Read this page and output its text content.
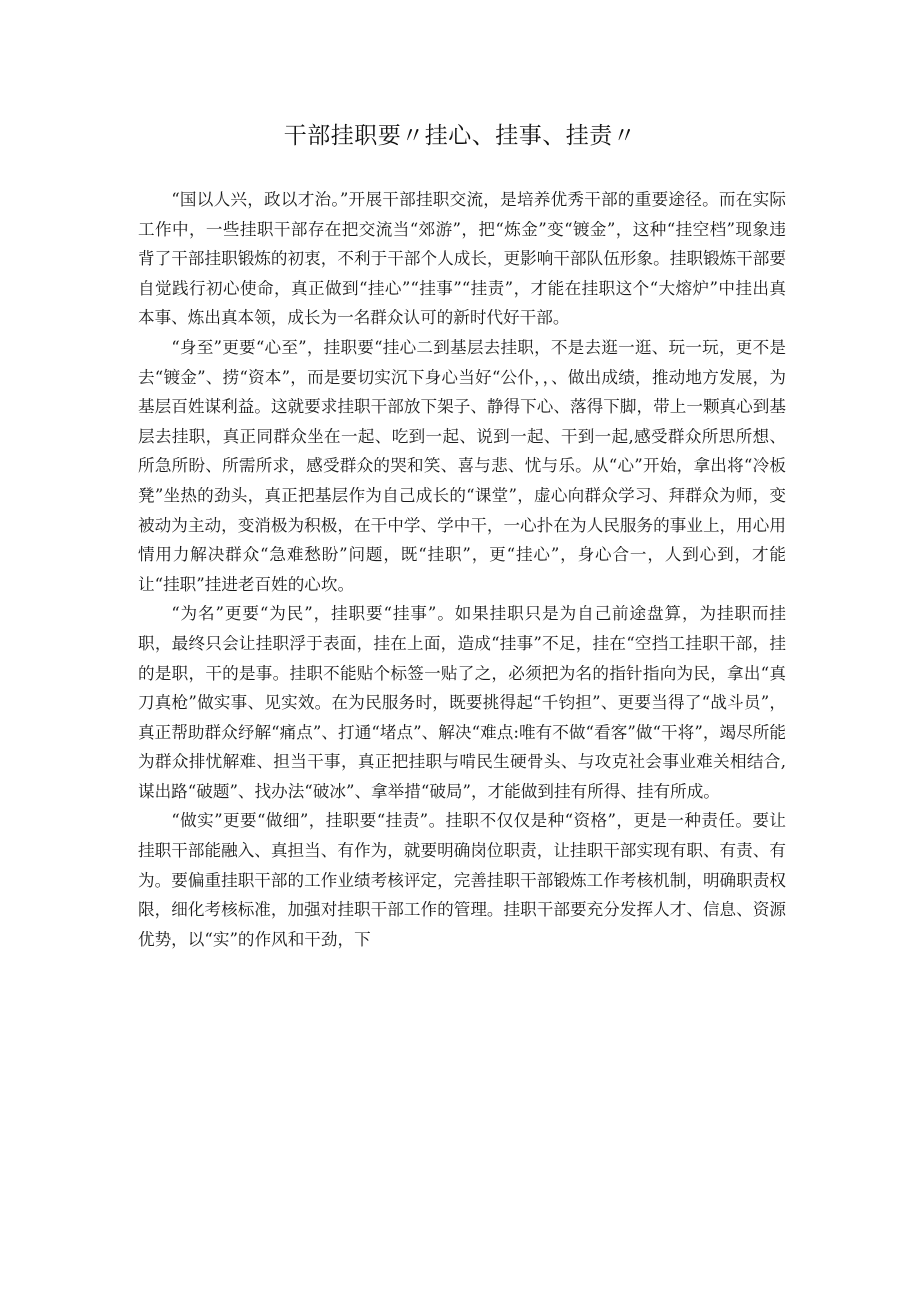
干部挂职要〃挂心、挂事、挂责〃

“国以人兴，政以才治。”开展干部挂职交流，是培养优秀干部的重要途径。而在实际工作中，一些挂职干部存在把交流当“郊游”，把“炼金”变“镀金”，这种“挂空档”现象违背了干部挂职锻炼的初衷，不利于干部个人成长，更影响干部队伍形象。挂职锻炼干部要自觉践行初心使命，真正做到“挂心”“挂事”“挂责”，才能在挂职这个“大熔炉”中挂出真本事、炼出真本领，成长为一名群众认可的新时代好干部。

“身至”更要“心至”，挂职要“挂心二到基层去挂职，不是去逛一逛、玩一玩，更不是去“镀金”、捞“资本”，而是要切实沉下身心当好“公仆，，、做出成绩，推动地方发展，为基层百姓谋利益。这就要求挂职干部放下架子、静得下心、落得下脚，带上一颗真心到基层去挂职，真正同群众坐在一起、吃到一起、说到一起、干到一起,感受群众所思所想、所急所盼、所需所求，感受群众的哭和笑、喜与悲、忧与乐。从“心”开始，拿出将“冷板凳”坐热的劲头，真正把基层作为自己成长的“课堂”，虚心向群众学习、拜群众为师，变被动为主动，变消极为积极，在干中学、学中干，一心扑在为人民服务的事业上，用心用情用力解决群众“急难愁盼”问题，既“挂职”，更“挂心”，身心合一，人到心到，才能让“挂职”挂进老百姓的心坎。

“为名”更要“为民”，挂职要“挂事”。如果挂职只是为自己前途盘算，为挂职而挂职，最终只会让挂职浮于表面，挂在上面，造成“挂事”不足，挂在“空挡工挂职干部，挂的是职，干的是事。挂职不能贴个标签一贴了之，必须把为名的指针指向为民，拿出“真刀真枪”做实事、见实效。在为民服务时，既要挑得起“千钧担”、更要当得了“战斗员”，真正帮助群众纾解“痛点”、打通“堵点”、解决“难点:唯有不做“看客”做“干将”，竭尽所能为群众排忧解难、担当干事，真正把挂职与啃民生硬骨头、与攻克社会事业难关相结合,谋出路“破题”、找办法“破冰”、拿举措“破局”，才能做到挂有所得、挂有所成。

“做实”更要“做细”，挂职要“挂责”。挂职不仅仅是种“资格”，更是一种责任。要让挂职干部能融入、真担当、有作为，就要明确岗位职责，让挂职干部实现有职、有责、有为。要偏重挂职干部的工作业绩考核评定，完善挂职干部锻炼工作考核机制，明确职责权限，细化考核标准，加强对挂职干部工作的管理。挂职干部要充分发挥人才、信息、资源优势，以“实”的作风和干劲，下
